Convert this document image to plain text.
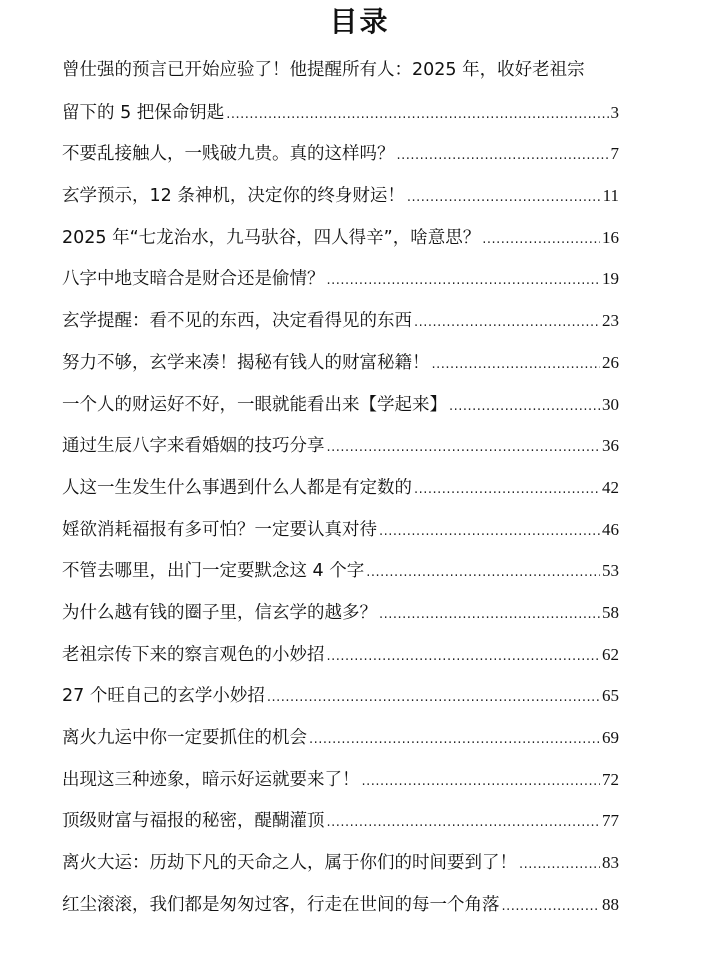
目录
曾仕强的预言已开始应验了！他提醒所有人：2025 年，收好老祖宗
留下的 5 把保命钥匙 .....	3
不要乱接触人，一贱破九贵。真的这样吗？ .....	7
玄学预示，12 条神机，决定你的终身财运！ .....	11
2025 年“七龙治水，九马驮谷，四人得辛”，啥意思？ .....	16
八字中地支暗合是财合还是偷情？ .....	19
玄学提醒：看不见的东西，决定看得见的东西 .....	23
努力不够，玄学来凑！揭秘有钱人的财富秘籍！ .....	26
一个人的财运好不好，一眼就能看出来【学起来】 .....	30
通过生辰八字来看婚姻的技巧分享 .....	36
人这一生发生什么事遇到什么人都是有定数的 .....	42
婬欲消耗福报有多可怕？一定要认真对待 .....	46
不管去哪里，出门一定要默念这 4 个字 .....	53
为什么越有钱的圈子里，信玄学的越多？ .....	58
老祖宗传下来的察言观色的小妙招 .....	62
27 个旺自己的玄学小妙招 .....	65
离火九运中你一定要抓住的机会 .....	69
出现这三种迹象，暗示好运就要来了！ .....	72
顶级财富与福报的秘密，醍醐灌顶 .....	77
离火大运：历劫下凡的天命之人，属于你们的时间要到了！ .....	83
红尘滚滚，我们都是匆匆过客，行走在世间的每一个角落 .....	88
